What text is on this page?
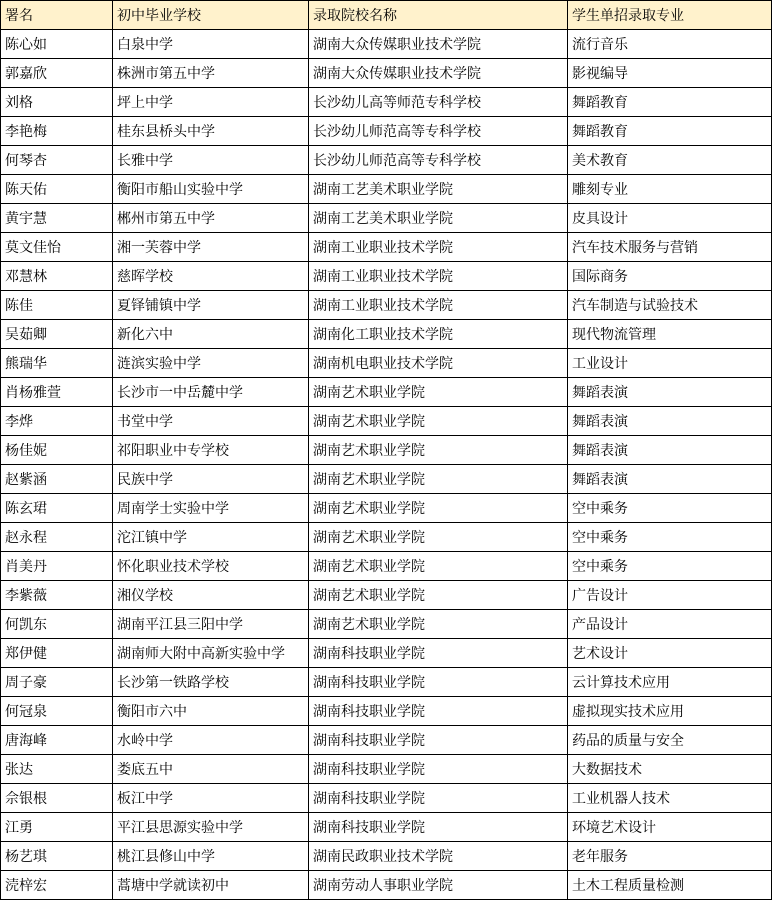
署名	初中毕业学校	录取院校名称	学生单招录取专业
陈心如	白泉中学	湖南大众传媒职业技术学院	流行音乐
郭嘉欣	株洲市第五中学	湖南大众传媒职业技术学院	影视编导
刘格	坪上中学	长沙幼儿高等师范专科学校	舞蹈教育
李艳梅	桂东县桥头中学	长沙幼儿师范高等专科学校	舞蹈教育
何琴杏	长雅中学	长沙幼儿师范高等专科学校	美术教育
陈天佑	衡阳市船山实验中学	湖南工艺美术职业学院	雕刻专业
黄宇慧	郴州市第五中学	湖南工艺美术职业学院	皮具设计
莫文佳怡	湘一芙蓉中学	湖南工业职业技术学院	汽车技术服务与营销
邓慧林	慈晖学校	湖南工业职业技术学院	国际商务
陈佳	夏铎铺镇中学	湖南工业职业技术学院	汽车制造与试验技术
吴茹卿	新化六中	湖南化工职业技术学院	现代物流管理
熊瑞华	涟滨实验中学	湖南机电职业技术学院	工业设计
肖杨雅萱	长沙市一中岳麓中学	湖南艺术职业学院	舞蹈表演
李烨	书堂中学	湖南艺术职业学院	舞蹈表演
杨佳妮	祁阳职业中专学校	湖南艺术职业学院	舞蹈表演
赵紫涵	民族中学	湖南艺术职业学院	舞蹈表演
陈玄珺	周南学士实验中学	湖南艺术职业学院	空中乘务
赵永程	沱江镇中学	湖南艺术职业学院	空中乘务
肖美丹	怀化职业技术学校	湖南艺术职业学院	空中乘务
李紫薇	湘仪学校	湖南艺术职业学院	广告设计
何凯东	湖南平江县三阳中学	湖南艺术职业学院	产品设计
郑伊健	湖南师大附中高新实验中学	湖南科技职业学院	艺术设计
周子豪	长沙第一铁路学校	湖南科技职业学院	云计算技术应用
何冠泉	衡阳市六中	湖南科技职业学院	虚拟现实技术应用
唐海峰	水岭中学	湖南科技职业学院	药品的质量与安全
张达	娄底五中	湖南科技职业学院	大数据技术
佘银根	板江中学	湖南科技职业学院	工业机器人技术
江勇	平江县思源实验中学	湖南科技职业学院	环境艺术设计
杨艺琪	桃江县修山中学	湖南民政职业技术学院	老年服务
涜梓宏	蒿塘中学就读初中	湖南劳动人事职业学院	土木工程质量检测
